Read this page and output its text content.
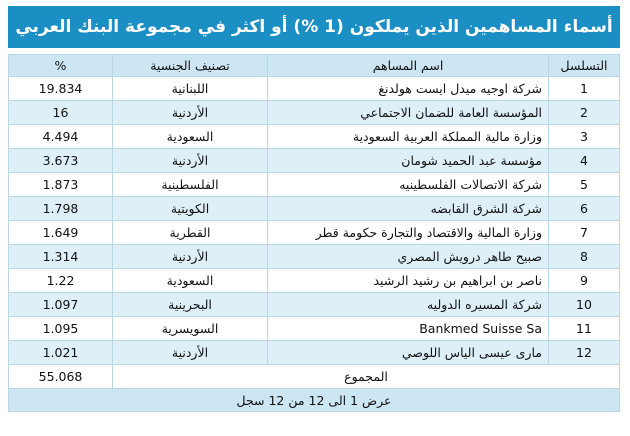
أسماء المساهمين الذين يملكون (1 %) أو اكثر في مجموعة البنك العربي
التسلسل	اسم المساهم	تصنيف الجنسية	%
1	شركة اوجيه ميدل ايست هولدنغ	اللبنانية	19.834
2	المؤسسة العامة للضمان الاجتماعي	الأردنية	16
3	وزارة مالية المملكة العربية السعودية	السعودية	4.494
4	مؤسسة عبد الحميد شومان	الأردنية	3.673
5	شركة الاتصالات الفلسطينيه	الفلسطينية	1.873
6	شركة الشرق القابضه	الكويتية	1.798
7	وزارة المالية والاقتصاد والتجارة حكومة قطر	القطرية	1.649
8	صبيح طاهر درويش المصري	الأردنية	1.314
9	ناصر بن ابراهيم بن رشيد الرشيد	السعودية	1.22
10	شركة المسيره الدوليه	البحرينية	1.097
11	Bankmed Suisse Sa	السويسرية	1.095
12	مارى عيسى الياس اللوصي	الأردنية	1.021
المجموع			55.068
عرض 1 الى 12 من 12 سجل			
